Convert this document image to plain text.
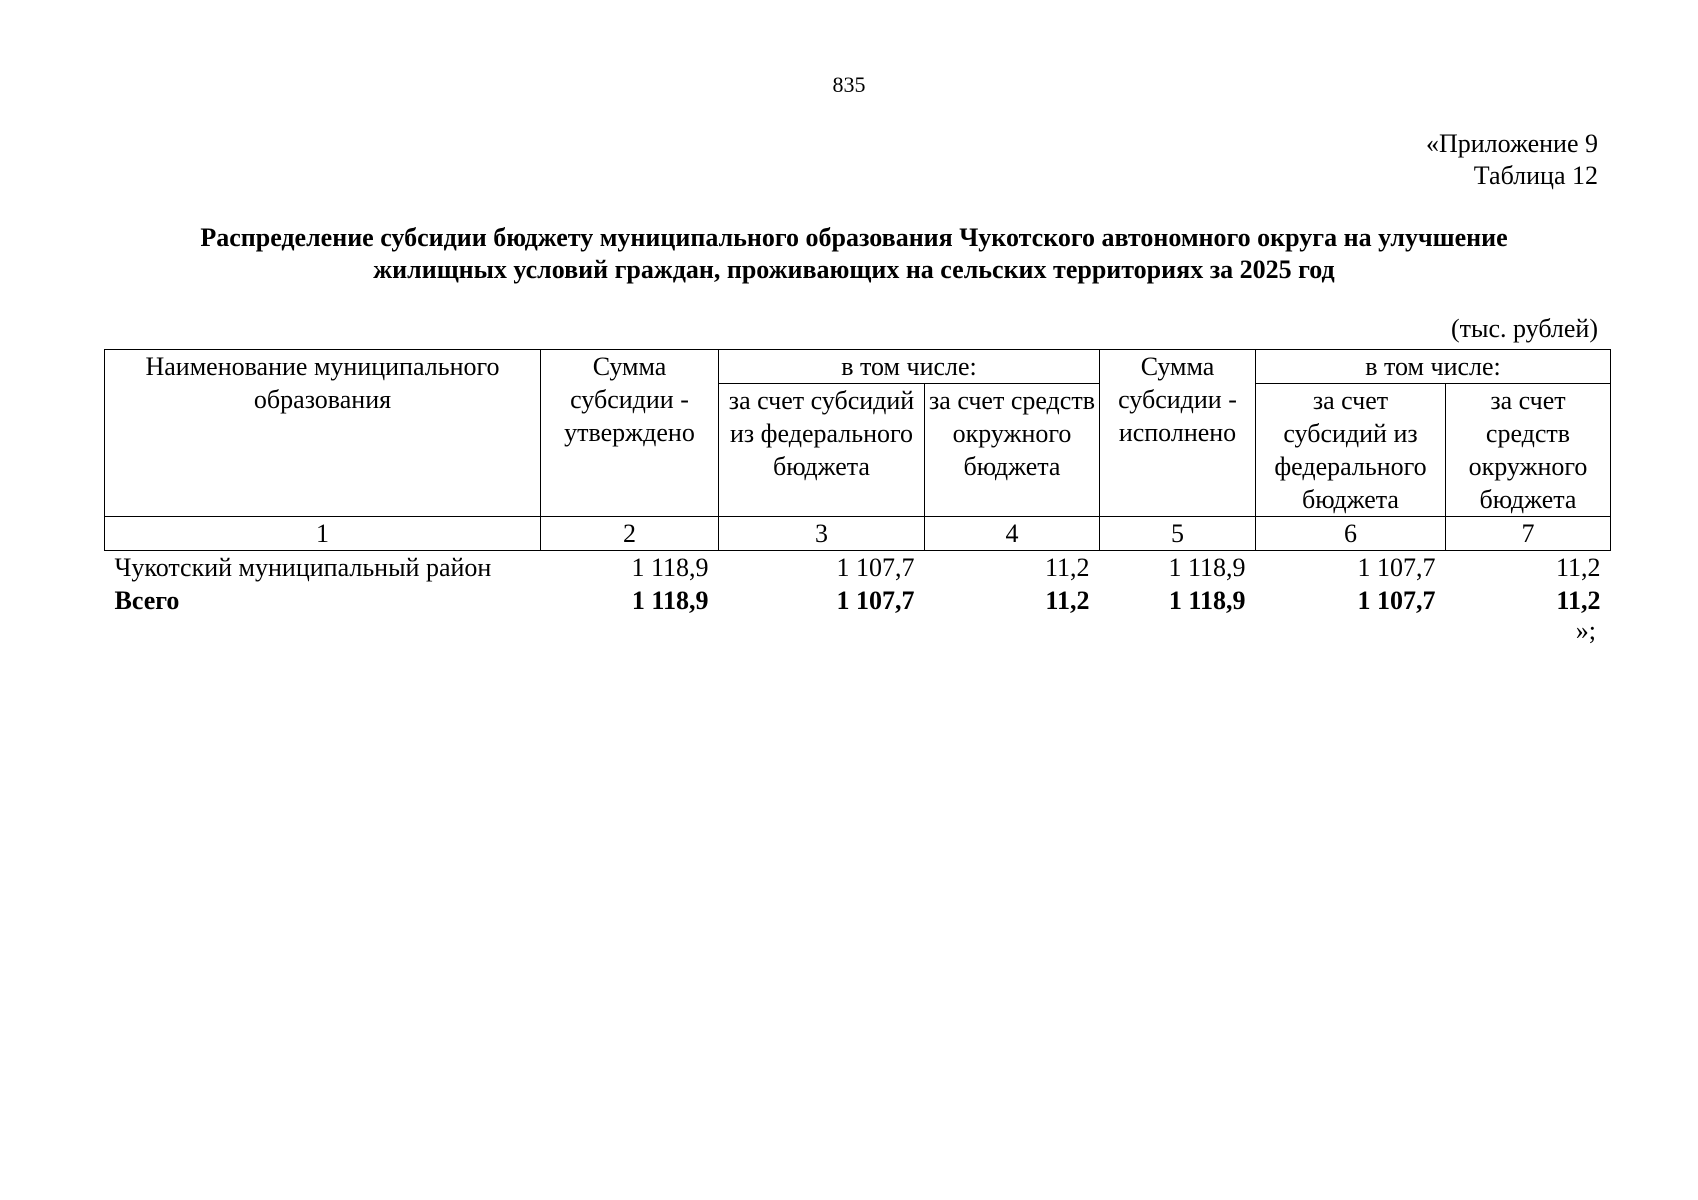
835
«Приложение 9
Таблица 12
Распределение субсидии бюджету муниципального образования Чукотского автономного округа на улучшение
жилищных условий граждан, проживающих на сельских территориях за 2025 год
(тыс. рублей)
Наименование муниципального образования	Сумма субсидии - утверждено	в том числе:		Сумма субсидии - исполнено	в том числе:	
		за счет субсидий из федерального бюджета	за счет средств окружного бюджета		за счет субсидий из федерального бюджета	за счет средств окружного бюджета
1	2	3	4	5	6	7
Чукотский муниципальный район	1 118,9	1 107,7	11,2	1 118,9	1 107,7	11,2
Всего	1 118,9	1 107,7	11,2	1 118,9	1 107,7	11,2
»;
